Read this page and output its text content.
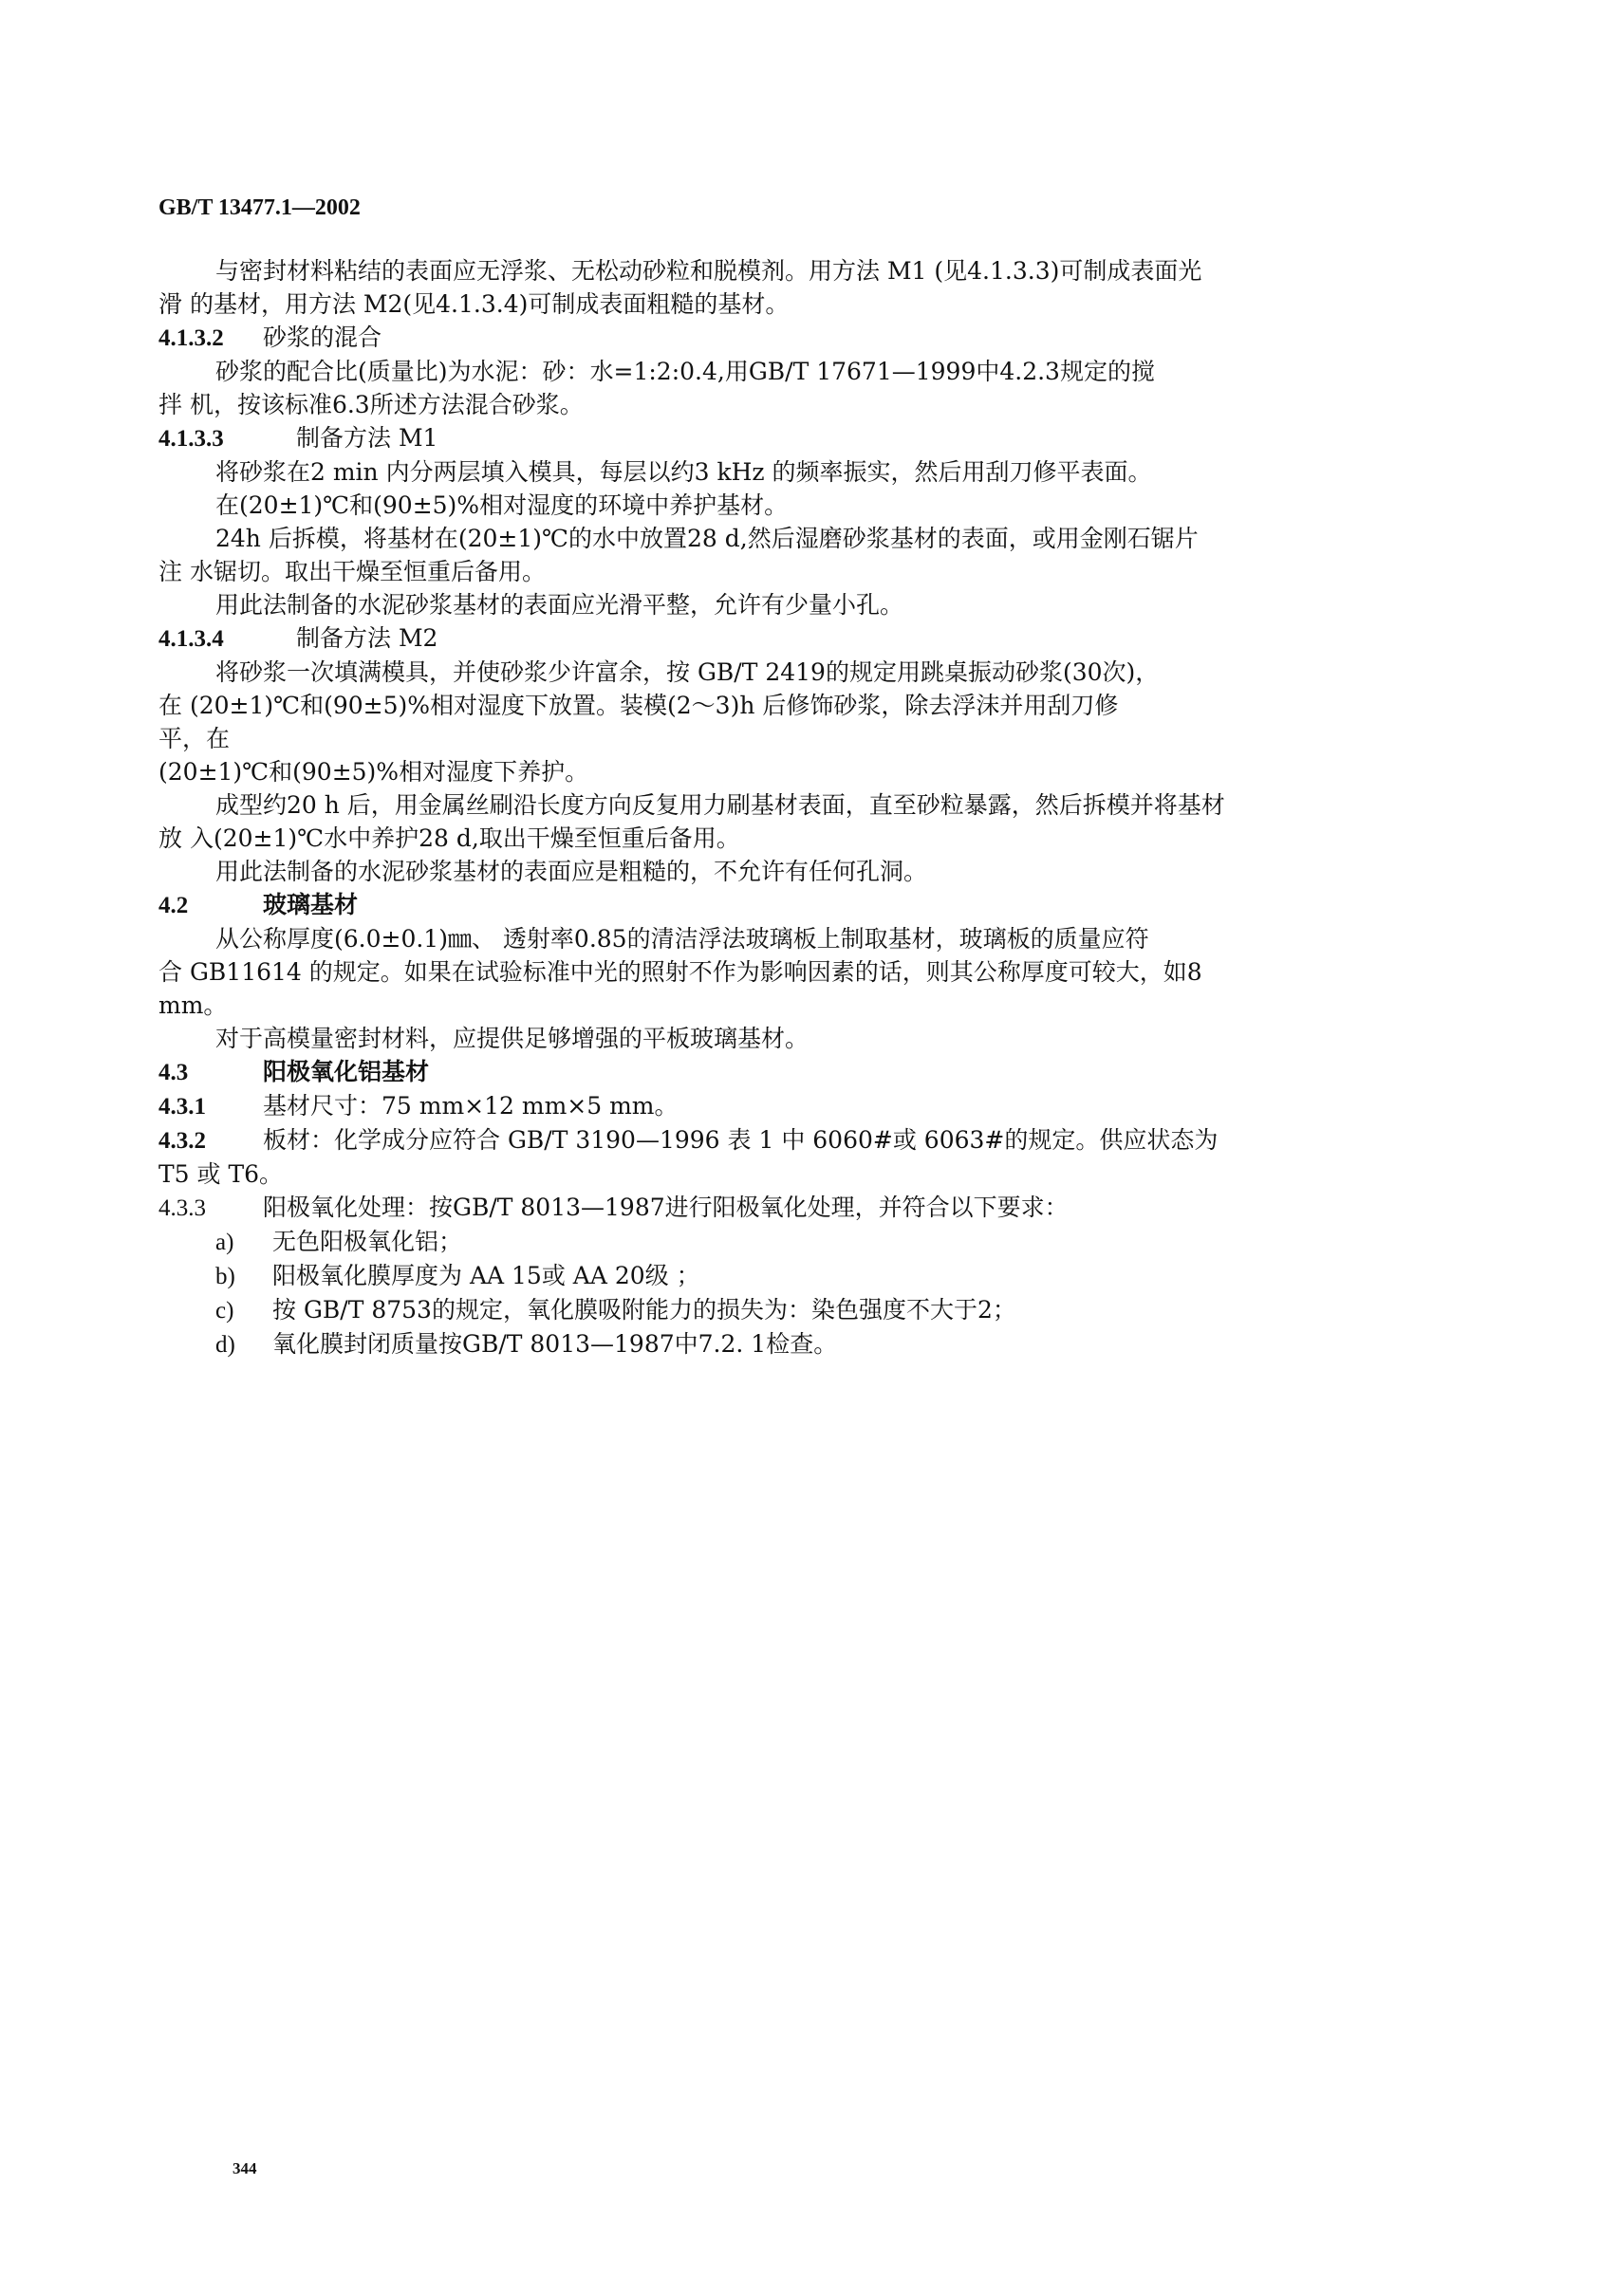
GB/T 13477.1—2002
与密封材料粘结的表面应无浮浆、无松动砂粒和脱模剂。用方法 M1 (见4.1.3.3)可制成表面光
滑 的基材，用方法 M2(见4.1.3.4)可制成表面粗糙的基材。
4.1.3.2 砂浆的混合
砂浆的配合比(质量比)为水泥：砂：水=1:2:0.4,用GB/T 17671—1999中4.2.3规定的搅
拌 机，按该标准6.3所述方法混合砂浆。
4.1.3.3	制备方法 M1
将砂浆在2 min 内分两层填入模具，每层以约3 kHz 的频率振实，然后用刮刀修平表面。
在(20±1)℃和(90±5)%相对湿度的环境中养护基材。
24h 后拆模，将基材在(20±1)℃的水中放置28 d,然后湿磨砂浆基材的表面，或用金刚石锯片
注 水锯切。取出干燥至恒重后备用。
用此法制备的水泥砂浆基材的表面应光滑平整，允许有少量小孔。
4.1.3.4	制备方法 M2
将砂浆一次填满模具，并使砂浆少许富余，按 GB/T 2419的规定用跳桌振动砂浆(30次)，
在 (20±1)℃和(90±5)%相对湿度下放置。装模(2～3)h 后修饰砂浆，除去浮沫并用刮刀修
平，在
(20±1)℃和(90±5)%相对湿度下养护。
成型约20 h 后，用金属丝刷沿长度方向反复用力刷基材表面，直至砂粒暴露，然后拆模并将基材
放 入(20±1)℃水中养护28 d,取出干燥至恒重后备用。
用此法制备的水泥砂浆基材的表面应是粗糙的，不允许有任何孔洞。
4.2	玻璃基材
从公称厚度(6.0±0.1)㎜、 透射率0.85的清洁浮法玻璃板上制取基材，玻璃板的质量应符
合 GB11614 的规定。如果在试验标准中光的照射不作为影响因素的话，则其公称厚度可较大，如8
mm。
对于高模量密封材料，应提供足够增强的平板玻璃基材。
4.3	阳极氧化铝基材
4.3.1 基材尺寸：75 mm×12 mm×5 mm。
4.3.2 板材：化学成分应符合 GB/T 3190—1996 表 1 中 6060#或 6063#的规定。供应状态为
T5 或 T6。
4.3.3 阳极氧化处理：按GB/T 8013—1987进行阳极氧化处理，并符合以下要求：
a) 无色阳极氧化铝；
b) 阳极氧化膜厚度为 AA 15或 AA 20级 ；
c) 按 GB/T 8753的规定，氧化膜吸附能力的损失为：染色强度不大于2；
d) 氧化膜封闭质量按GB/T 8013—1987中7.2. 1检查。
344
